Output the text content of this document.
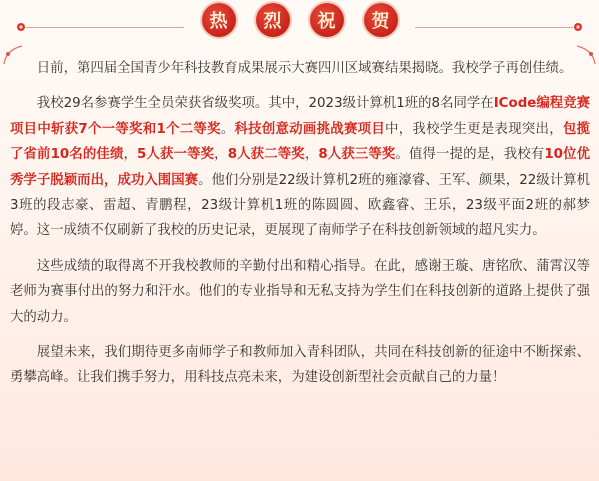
热	烈	祝	贺

日前，第四届全国青少年科技教育成果展示大赛四川区域赛结果揭晓。我校学子再创佳绩。

我校29名参赛学生全员荣获省级奖项。其中，2023级计算机1班的8名同学在ICode编程竞赛项目中斩获7个一等奖和1个二等奖。科技创意动画挑战赛项目中，我校学生更是表现突出，包揽了省前10名的佳绩，5人获一等奖，8人获二等奖，8人获三等奖。值得一提的是，我校有10位优秀学子脱颖而出，成功入围国赛。他们分别是22级计算机2班的雍濠睿、王军、颜果，22级计算机3班的段志豪、雷超、青鹏程，23级计算机1班的陈圆圆、欧鑫睿、王乐，23级平面2班的郝梦婷。这一成绩不仅刷新了我校的历史记录，更展现了南师学子在科技创新领域的超凡实力。

这些成绩的取得离不开我校教师的辛勤付出和精心指导。在此，感谢王璇、唐铭欣、蒲霄汉等老师为赛事付出的努力和汗水。他们的专业指导和无私支持为学生们在科技创新的道路上提供了强大的动力。

展望未来，我们期待更多南师学子和教师加入青科团队，共同在科技创新的征途中不断探索、勇攀高峰。让我们携手努力，用科技点亮未来，为建设创新型社会贡献自己的力量！
